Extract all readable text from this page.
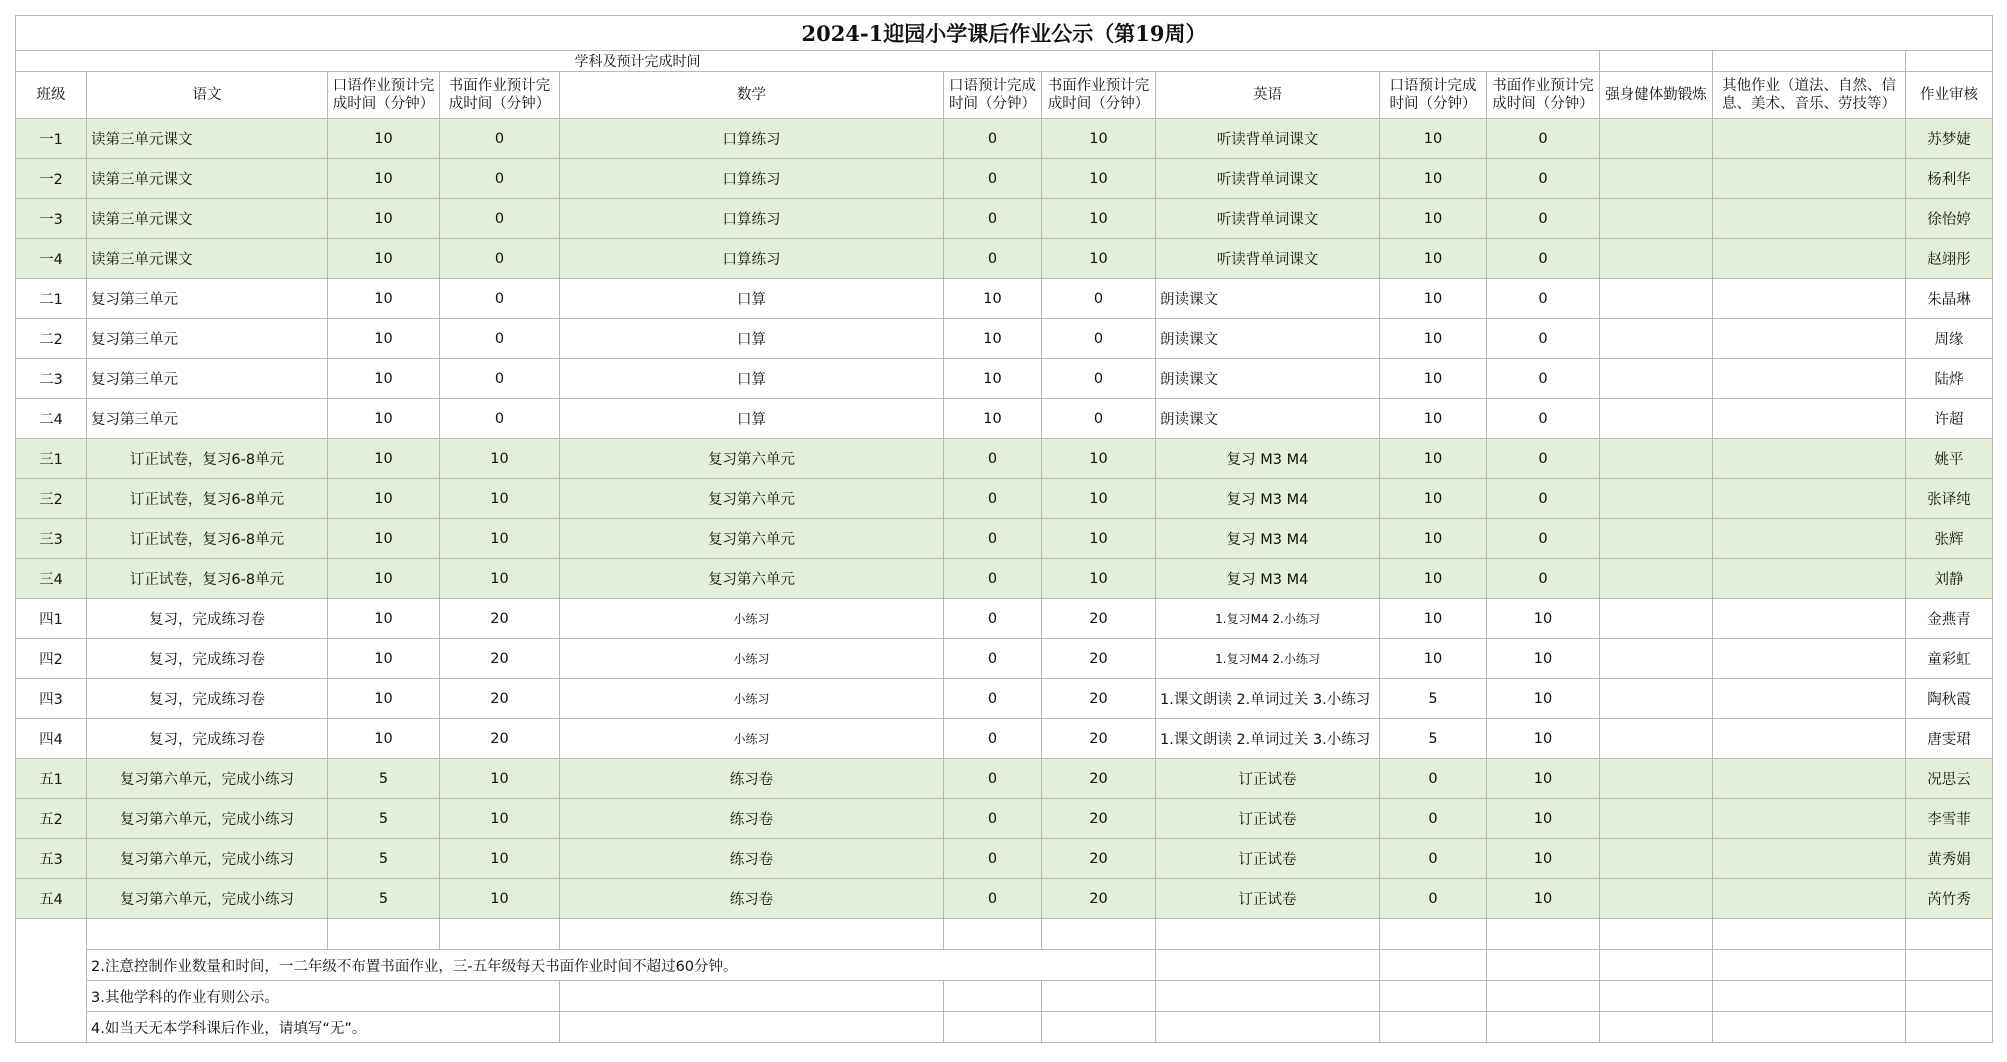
2024-1迎园小学课后作业公示（第19周）												
学科及预计完成时间												
班级	语文	口语作业预计完成时间（分钟）	书面作业预计完成时间（分钟）	数学	口语预计完成时间（分钟）	书面作业预计完成时间（分钟）	英语	口语预计完成时间（分钟）	书面作业预计完成时间（分钟）	强身健体勤锻炼	其他作业（道法、自然、信息、美术、音乐、劳技等）	作业审核
一1	读第三单元课文	10	0	口算练习	0	10	听读背单词课文	10	0			苏梦婕
一2	读第三单元课文	10	0	口算练习	0	10	听读背单词课文	10	0			杨利华
一3	读第三单元课文	10	0	口算练习	0	10	听读背单词课文	10	0			徐怡婷
一4	读第三单元课文	10	0	口算练习	0	10	听读背单词课文	10	0			赵翊彤
二1	复习第三单元	10	0	口算	10	0	朗读课文	10	0			朱晶琳
二2	复习第三单元	10	0	口算	10	0	朗读课文	10	0			周缘
二3	复习第三单元	10	0	口算	10	0	朗读课文	10	0			陆烨
二4	复习第三单元	10	0	口算	10	0	朗读课文	10	0			许超
三1	订正试卷，复习6-8单元	10	10	复习第六单元	0	10	复习 M3 M4	10	0			姚平
三2	订正试卷，复习6-8单元	10	10	复习第六单元	0	10	复习 M3 M4	10	0			张译纯
三3	订正试卷，复习6-8单元	10	10	复习第六单元	0	10	复习 M3 M4	10	0			张辉
三4	订正试卷，复习6-8单元	10	10	复习第六单元	0	10	复习 M3 M4	10	0			刘静
四1	复习，完成练习卷	10	20	小练习	0	20	1.复习M4 2.小练习	10	10			金燕青
四2	复习，完成练习卷	10	20	小练习	0	20	1.复习M4 2.小练习	10	10			童彩虹
四3	复习，完成练习卷	10	20	小练习	0	20	1.课文朗读 2.单词过关 3.小练习	5	10			陶秋霞
四4	复习，完成练习卷	10	20	小练习	0	20	1.课文朗读 2.单词过关 3.小练习	5	10			唐雯珺
五1	复习第六单元，完成小练习	5	10	练习卷	0	20	订正试卷	0	10			况思云
五2	复习第六单元，完成小练习	5	10	练习卷	0	20	订正试卷	0	10			李雪菲
五3	复习第六单元，完成小练习	5	10	练习卷	0	20	订正试卷	0	10			黄秀娟
五4	复习第六单元，完成小练习	5	10	练习卷	0	20	订正试卷	0	10			芮竹秀

	2.注意控制作业数量和时间，一二年级不布置书面作业，三-五年级每天书面作业时间不超过60分钟。											
	3.其他学科的作业有则公示。											
	4.如当天无本学科课后作业，请填写“无”。											
